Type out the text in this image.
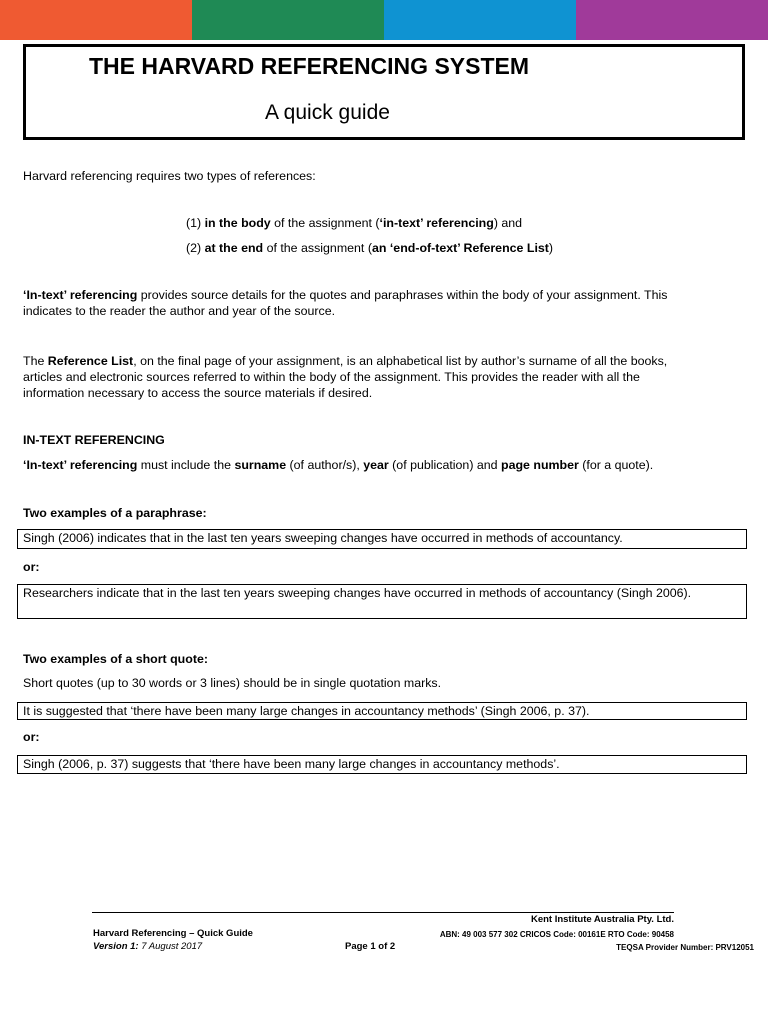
THE HARVARD REFERENCING SYSTEM
A quick guide
Harvard referencing requires two types of references:
(1) in the body of the assignment (‘in-text’ referencing) and
(2) at the end of the assignment (an ‘end-of-text’ Reference List)
‘In-text’ referencing provides source details for the quotes and paraphrases within the body of your assignment. This
indicates to the reader the author and year of the source.
The Reference List, on the final page of your assignment, is an alphabetical list by author’s surname of all the books,
articles and electronic sources referred to within the body of the assignment. This provides the reader with all the
information necessary to access the source materials if desired.
IN-TEXT REFERENCING
‘In-text’ referencing must include the surname (of author/s), year (of publication) and page number (for a quote).
Two examples of a paraphrase:
Singh (2006) indicates that in the last ten years sweeping changes have occurred in methods of accountancy.
or:
Researchers indicate that in the last ten years sweeping changes have occurred in methods of accountancy (Singh 2006).
Two examples of a short quote:
Short quotes (up to 30 words or 3 lines) should be in single quotation marks.
It is suggested that ‘there have been many large changes in accountancy methods’ (Singh 2006, p. 37).
or:
Singh (2006, p. 37) suggests that ‘there have been many large changes in accountancy methods’.
Harvard Referencing – Quick Guide
Version 1: 7 August 2017	Page 1 of 2
Kent Institute Australia Pty. Ltd.
ABN: 49 003 577 302 CRICOS Code: 00161E RTO Code: 90458
TEQSA Provider Number: PRV12051
